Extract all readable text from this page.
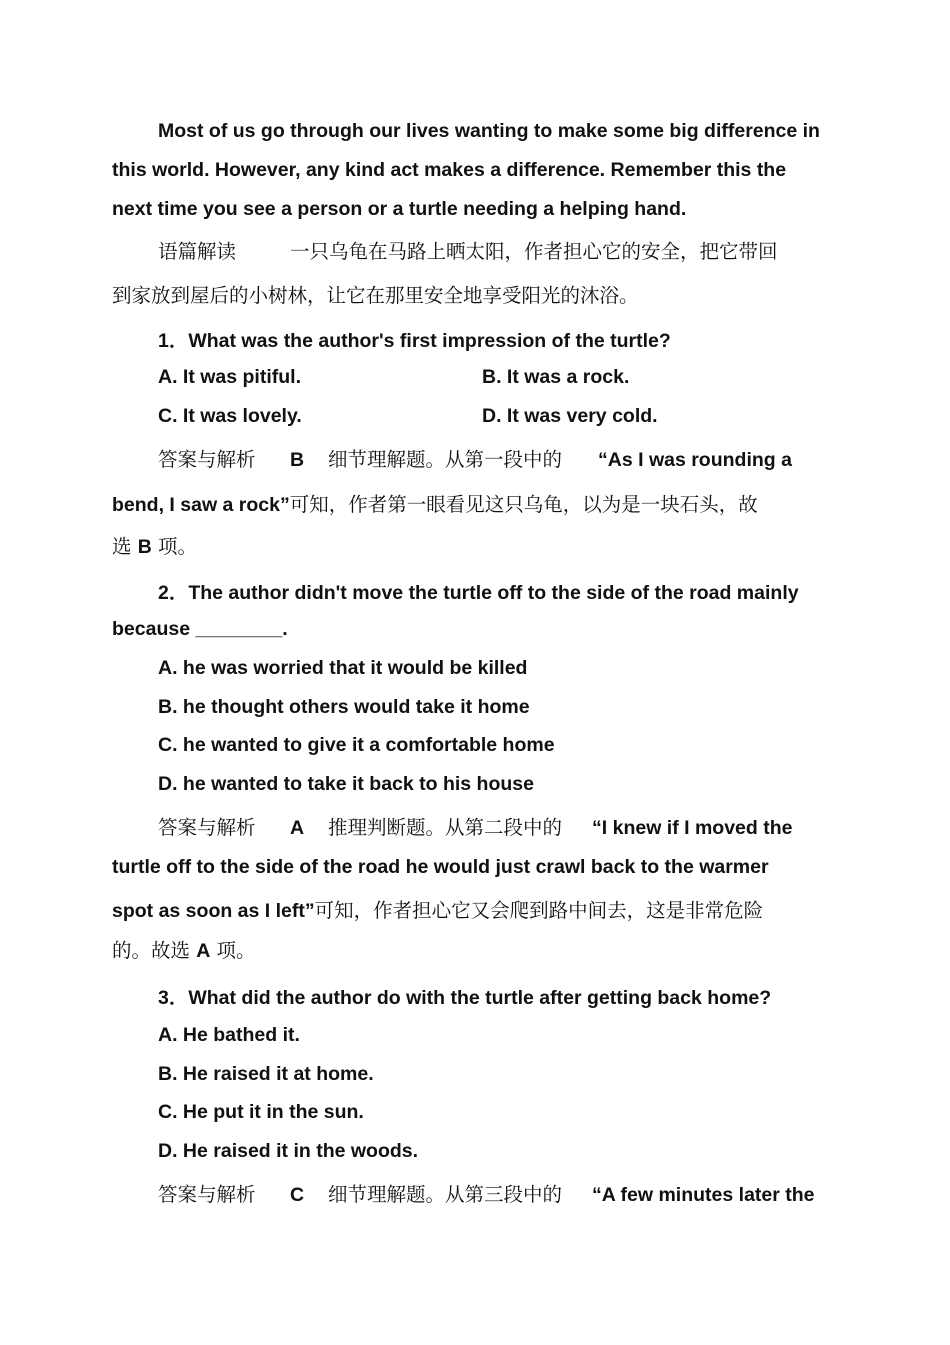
Most of us go through our lives wanting to make some big difference in
this world. However, any kind act makes a difference. Remember this the
next time you see a person or a turtle needing a helping hand.
语篇解读	一只乌龟在马路上晒太阳，作者担心它的安全，把它带回
到家放到屋后的小树林，让它在那里安全地享受阳光的沐浴。
1．What was the author's first impression of the turtle?
A. It was pitiful.	B. It was a rock.
C. It was lovely.	D. It was very cold.
答案与解析 B 细节理解题。从第一段中的 “As I was rounding a
bend, I saw a rock”可知，作者第一眼看见这只乌龟，以为是一块石头，故
选 B 项。
2．The author didn't move the turtle off to the side of the road mainly
because ________.
A. he was worried that it would be killed
B. he thought others would take it home
C. he wanted to give it a comfortable home
D. he wanted to take it back to his house
答案与解析 A 推理判断题。从第二段中的 “I knew if I moved the
turtle off to the side of the road he would just crawl back to the warmer
spot as soon as I left”可知，作者担心它又会爬到路中间去，这是非常危险
的。故选 A 项。
3．What did the author do with the turtle after getting back home?
A. He bathed it.
B. He raised it at home.
C. He put it in the sun.
D. He raised it in the woods.
答案与解析 C 细节理解题。从第三段中的 “A few minutes later the
